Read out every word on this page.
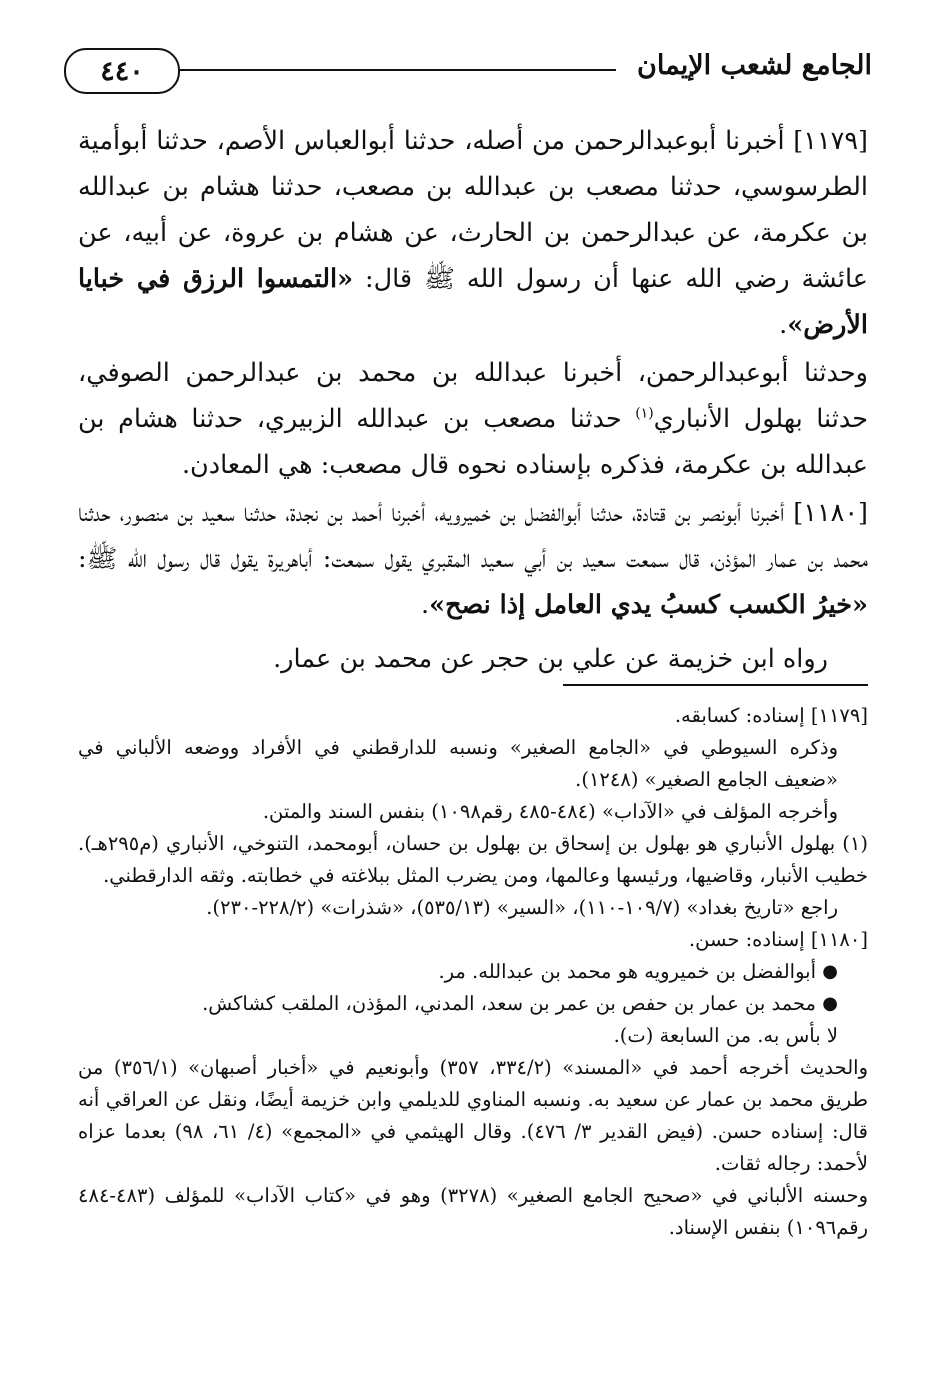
٤٤٠	الجامع لشعب الإيمان

[١١٧٩] أخبرنا أبوعبدالرحمن من أصله، حدثنا أبوالعباس الأصم، حدثنا أبوأمية الطرسوسي، حدثنا مصعب بن عبدالله بن مصعب، حدثنا هشام بن عبدالله بن عكرمة، عن عبدالرحمن بن الحارث، عن هشام بن عروة، عن أبيه، عن عائشة رضي الله عنها أن رسول الله ﷺ قال: «التمسوا الرزق في خبايا الأرض».

وحدثنا أبوعبدالرحمن، أخبرنا عبدالله بن محمد بن عبدالرحمن الصوفي، حدثنا بهلول الأنباري$^{(١)}$ حدثنا مصعب بن عبدالله الزبيري، حدثنا هشام بن عبدالله بن عكرمة، فذكره بإسناده نحوه قال مصعب: هي المعادن.

[١١٨٠] أخبرنا أبونصر بن قتادة، حدثنا أبوالفضل بن خميرويه، أخبرنا أحمد بن نجدة، حدثنا سعيد بن منصور، حدثنا محمد بن عمار المؤذن، قال سمعت سعيد بن أبي سعيد المقبري يقول سمعت: أباهريرة يقول قال رسول الله ﷺ: «خيرُ الكسب كسبُ يدي العامل إذا نصح».

رواه ابن خزيمة عن علي بن حجر عن محمد بن عمار.

[١١٧٩] إسناده: كسابقه.

وذكره السيوطي في «الجامع الصغير» ونسبه للدارقطني في الأفراد ووضعه الألباني في «ضعيف الجامع الصغير» (١٢٤٨).

وأخرجه المؤلف في «الآداب» (٤٨٤-٤٨٥ رقم١٠٩٨) بنفس السند والمتن.

(١) بهلول الأنباري هو بهلول بن إسحاق بن بهلول بن حسان، أبومحمد، التنوخي، الأنباري (م٢٩٥هـ). خطيب الأنبار، وقاضيها، ورئيسها وعالمها، ومن يضرب المثل ببلاغته في خطابته. وثقه الدارقطني.

راجع «تاريخ بغداد» (١٠٩/٧-١١٠)، «السير» (٥٣٥/١٣)، «شذرات» (٢٢٨/٢-٢٣٠).

[١١٨٠] إسناده: حسن.

●
أبوالفضل بن خميرويه هو محمد بن عبدالله. مر.
●
محمد بن عمار بن حفص بن عمر بن سعد، المدني، المؤذن، الملقب كشاكش.

لا بأس به. من السابعة (ت).

والحديث أخرجه أحمد في «المسند» (٣٣٤/٢، ٣٥٧) وأبونعيم في «أخبار أصبهان» (٣٥٦/١) من طريق محمد بن عمار عن سعيد به. ونسبه المناوي للديلمي وابن خزيمة أيضًا، ونقل عن العراقي أنه قال: إسناده حسن. (فيض القدير ٣/ ٤٧٦). وقال الهيثمي في «المجمع» (٤/ ٦١، ٩٨) بعدما عزاه لأحمد: رجاله ثقات.

وحسنه الألباني في «صحيح الجامع الصغير» (٣٢٧٨) وهو في «كتاب الآداب» للمؤلف (٤٨٣-٤٨٤ رقم١٠٩٦) بنفس الإسناد.
